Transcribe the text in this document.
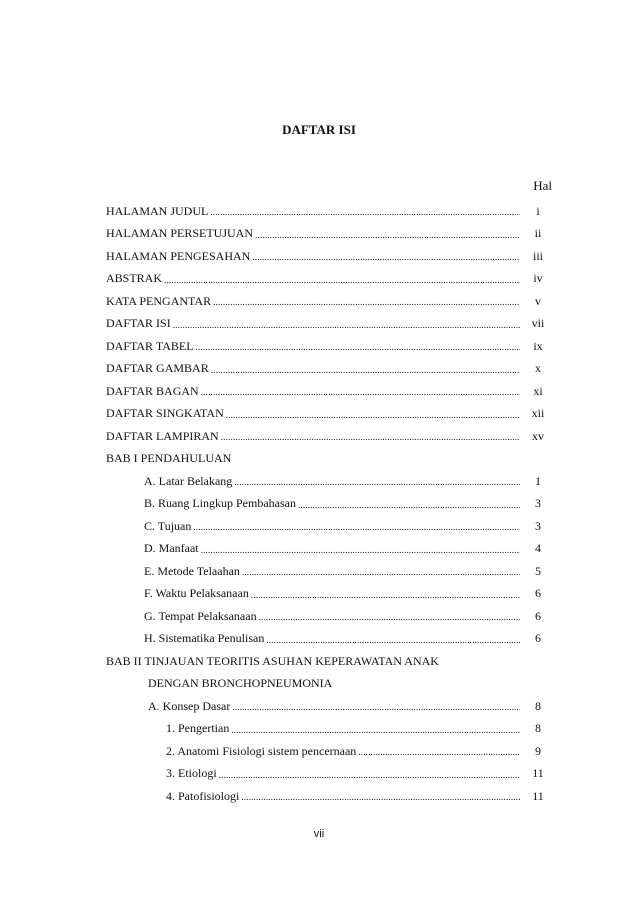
DAFTAR ISI
Hal
HALAMAN JUDUL .....	i
HALAMAN PERSETUJUAN .....	ii
HALAMAN PENGESAHAN .....	iii
ABSTRAK .....	iv
KATA PENGANTAR .....	v
DAFTAR ISI .....	vii
DAFTAR TABEL .....	ix
DAFTAR GAMBAR .....	x
DAFTAR BAGAN .....	xi
DAFTAR SINGKATAN .....	xii
DAFTAR LAMPIRAN .....	xv
BAB I PENDAHULUAN
A. Latar Belakang .....	1
B. Ruang Lingkup Pembahasan .....	3
C. Tujuan .....	3
D. Manfaat .....	4
E. Metode Telaahan .....	5
F. Waktu Pelaksanaan .....	6
G. Tempat Pelaksanaan .....	6
H. Sistematika Penulisan .....	6
BAB II TINJAUAN TEORITIS ASUHAN KEPERAWATAN ANAK
DENGAN BRONCHOPNEUMONIA
A. Konsep Dasar .....	8
1. Pengertian .....	8
2. Anatomi Fisiologi sistem pencernaan .....	9
3. Etiologi .....	11
4. Patofisiologi .....	11
vii
